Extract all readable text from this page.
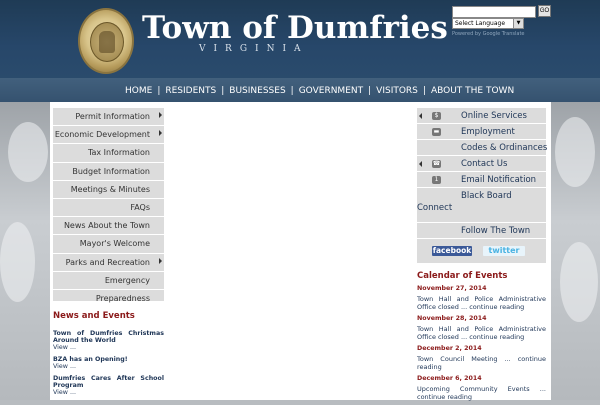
Town of Dumfries
VIRGINIA
GO
Select Language	▼
Powered by Google Translate
HOME | RESIDENTS | BUSINESSES | GOVERNMENT | VISITORS | ABOUT THE TOWN
Permit Information
Economic Development
Tax Information
Budget Information
Meetings & Minutes
FAQs
News About the Town
Mayor's Welcome
Parks and Recreation
Emergency Preparedness
News and Events
Town of Dumfries Christmas Around the World
View ...
BZA has an Opening!
View ...
Dumfries Cares After School Program
View ...
$	Online Services
▬	Employment
Codes & Ordinances
☎ Contact Us
1	Email Notification
Black Board
Connect
Follow The Town
facebook	twitter
Calendar of Events
November 27, 2014
Town Hall and Police Administrative Office closed ... continue reading
November 28, 2014
Town Hall and Police Administrative Office closed ... continue reading
December 2, 2014
Town Council Meeting ... continue reading
December 6, 2014
Upcoming Community Events ... continue reading
